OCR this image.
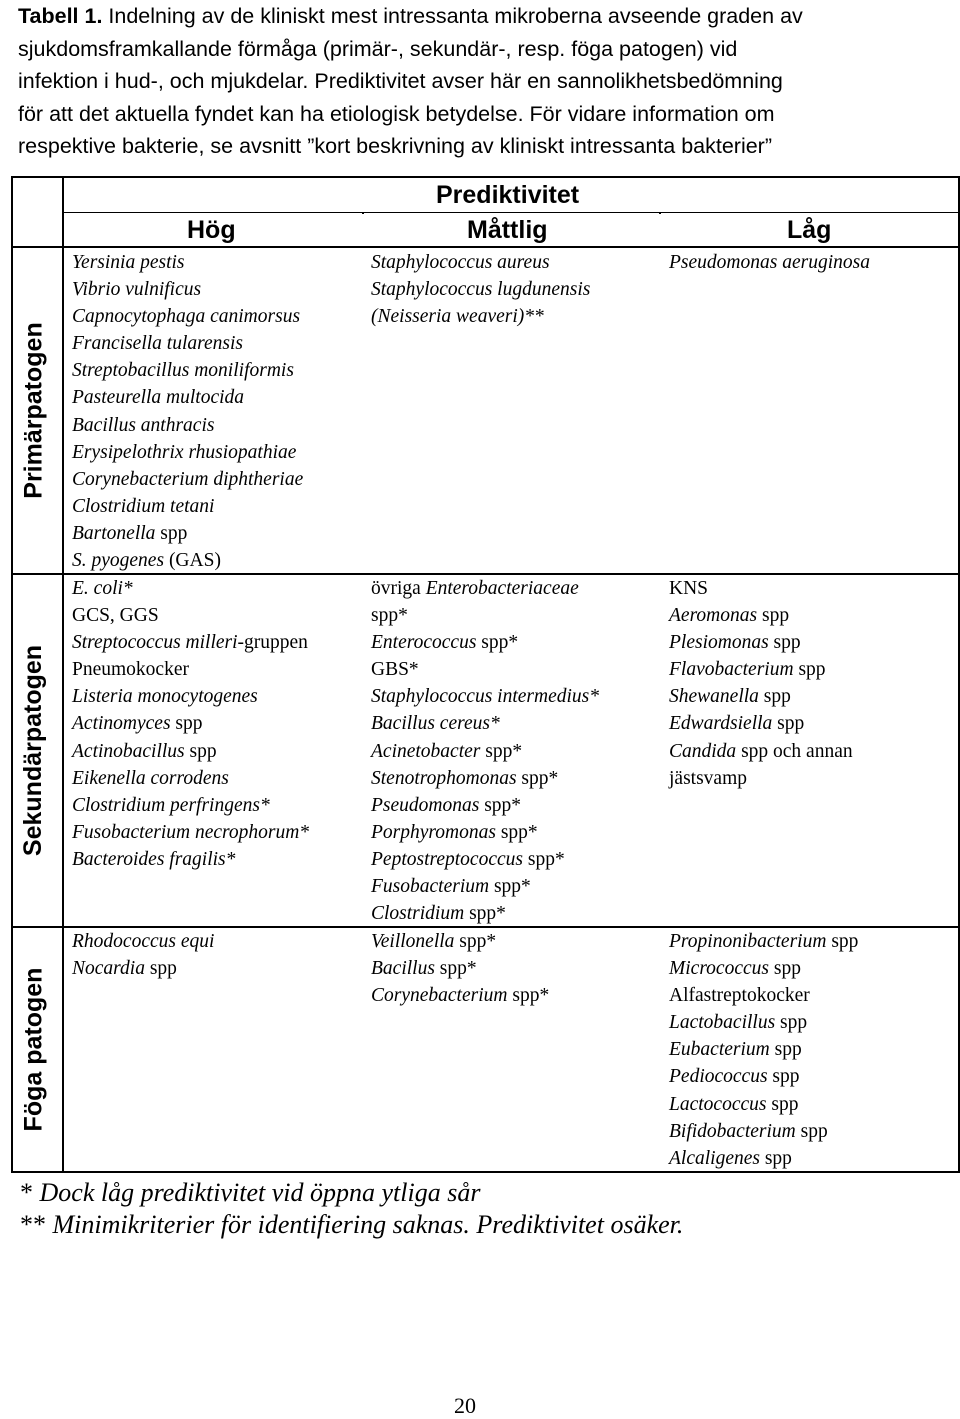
Tabell 1. Indelning av de kliniskt mest intressanta mikroberna avseende graden av
sjukdomsframkallande förmåga (primär-, sekundär-, resp. föga patogen) vid
infektion i hud-, och mjukdelar. Prediktivitet avser här en sannolikhetsbedömning
för att det aktuella fyndet kan ha etiologisk betydelse. För vidare information om
respektive bakterie, se avsnitt ”kort beskrivning av kliniskt intressanta bakterier”
Prediktivitet
Hög	Måttlig	Låg
Primärpatogen
Sekundärpatogen
Föga patogen
Yersinia pestis
Vibrio vulnificus
Capnocytophaga canimorsus
Francisella tularensis
Streptobacillus moniliformis
Pasteurella multocida
Bacillus anthracis
Erysipelothrix rhusiopathiae
Corynebacterium diphtheriae
Clostridium tetani
Bartonella spp
S. pyogenes (GAS)
Staphylococcus aureus
Staphylococcus lugdunensis
(Neisseria weaveri)**
Pseudomonas aeruginosa
E. coli*
GCS, GGS
Streptococcus milleri-gruppen
Pneumokocker
Listeria monocytogenes
Actinomyces spp
Actinobacillus spp
Eikenella corrodens
Clostridium perfringens*
Fusobacterium necrophorum*
Bacteroides fragilis*
övriga Enterobacteriaceae
spp*
Enterococcus spp*
GBS*
Staphylococcus intermedius*
Bacillus cereus*
Acinetobacter spp*
Stenotrophomonas spp*
Pseudomonas spp*
Porphyromonas spp*
Peptostreptococcus spp*
Fusobacterium spp*
Clostridium spp*
KNS
Aeromonas spp
Plesiomonas spp
Flavobacterium spp
Shewanella spp
Edwardsiella spp
Candida spp och annan
jästsvamp
Rhodococcus equi
Nocardia spp
Veillonella spp*
Bacillus spp*
Corynebacterium spp*
Propinonibacterium spp
Micrococcus spp
Alfastreptokocker
Lactobacillus spp
Eubacterium spp
Pediococcus spp
Lactococcus spp
Bifidobacterium spp
Alcaligenes spp
* Dock låg prediktivitet vid öppna ytliga sår
** Minimikriterier för identifiering saknas. Prediktivitet osäker.
20
